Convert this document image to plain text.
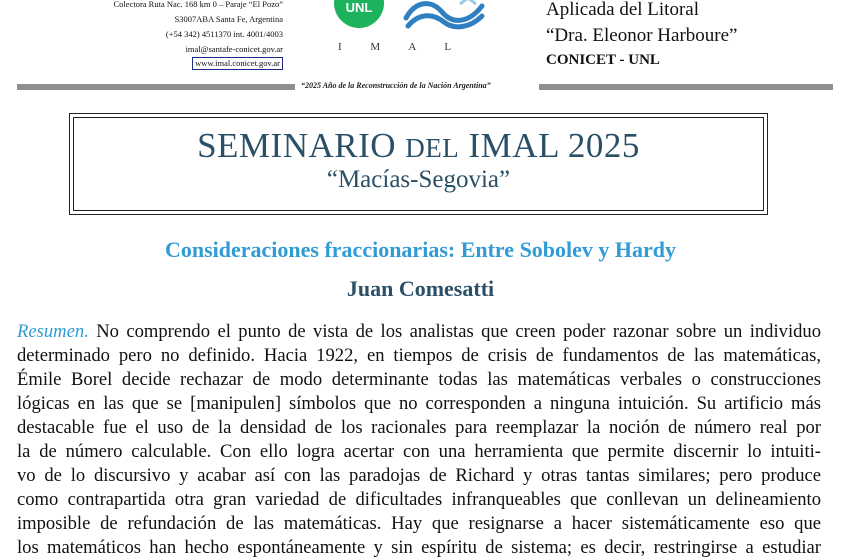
Colectora Ruta Nac. 168 km 0 – Paraje “El Pozo”
S3007ABA Santa Fe, Argentina
(+54 342) 4511370 int. 4001/4003
imal@santafe-conicet.gov.ar
www.imal.conicet.gov.ar
UNL
I M A L
Aplicada del Litoral
“Dra. Eleonor Harboure”
CONICET - UNL
“2025 Año de la Reconstrucción de la Nación Argentina”
SEMINARIO DEL IMAL 2025
“Macías-Segovia”
Consideraciones fraccionarias: Entre Sobolev y Hardy
Juan Comesatti
Resumen. No comprendo el punto de vista de los analistas que creen poder razonar sobre un individuo
determinado pero no definido. Hacia 1922, en tiempos de crisis de fundamentos de las matemáticas,
Émile Borel decide rechazar de modo determinante todas las matemáticas verbales o construcciones
lógicas en las que se [manipulen] símbolos que no corresponden a ninguna intuición. Su artificio más
destacable fue el uso de la densidad de los racionales para reemplazar la noción de número real por
la de número calculable. Con ello logra acertar con una herramienta que permite discernir lo intuiti-
vo de lo discursivo y acabar así con las paradojas de Richard y otras tantas similares; pero produce
como contrapartida otra gran variedad de dificultades infranqueables que conllevan un delineamiento
imposible de refundación de las matemáticas. Hay que resignarse a hacer sistemáticamente eso que
los matemáticos han hecho espontáneamente y sin espíritu de sistema; es decir, restringirse a estudiar
